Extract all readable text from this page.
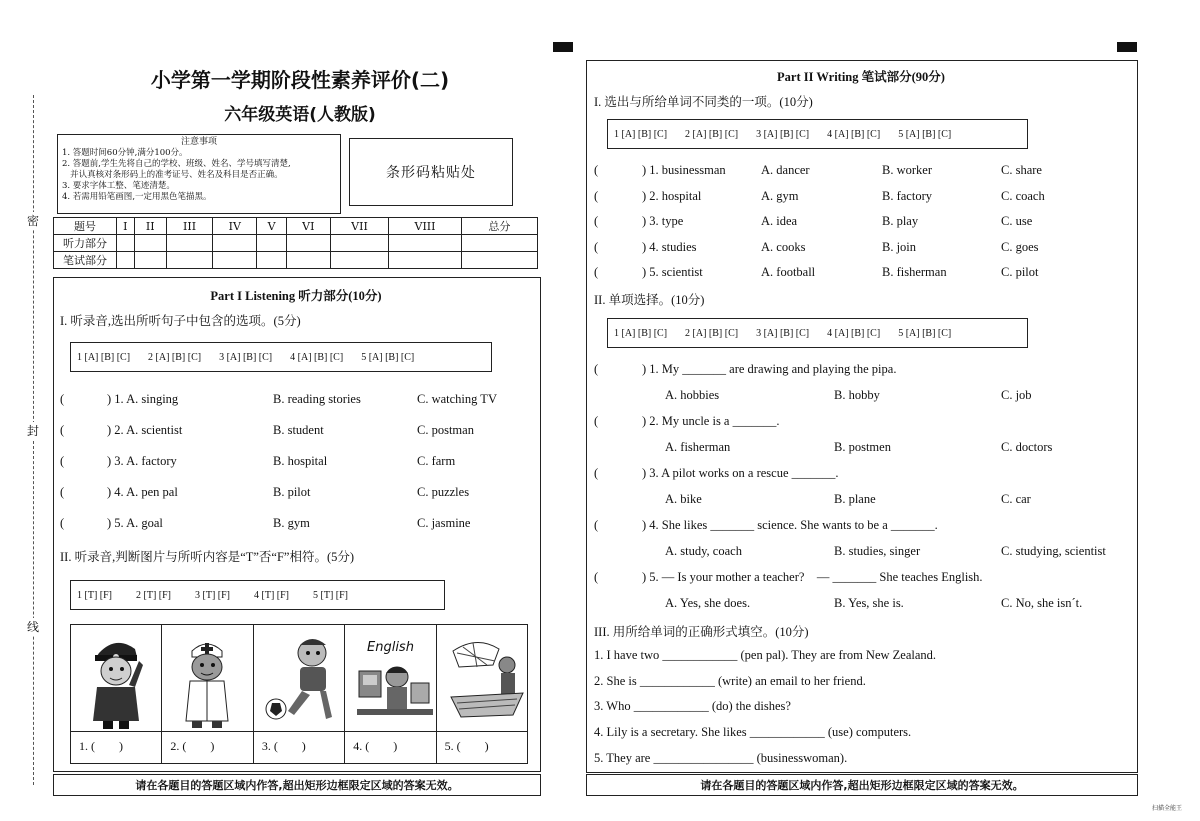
密
封
线
小学第一学期阶段性素养评价(二)
六年级英语(人教版)
注意事项
1. 答题时间60分钟,满分100分。
2. 答题前,学生先将自己的学校、班级、姓名、学号填写清楚,
并认真核对条形码上的准考证号、姓名及科目是否正确。
3. 要求字体工整、笔迹清楚。
4. 若需用铅笔画图,一定用黑色笔描黑。
条形码粘贴处
题号	I	II	III	IV	V	VI	VII	VIII	总分
听力部分									
笔试部分									
Part I Listening 听力部分(10分)
I. 听录音,选出所听句子中包含的选项。(5分)
1 [A] [B] [C] 2 [A] [B] [C] 3 [A] [B] [C] 4 [A] [B] [C] 5 [A] [B] [C]
(	) 1. A. singing	B. reading stories	C. watching TV
(	) 2. A. scientist	B. student	C. postman
(	) 3. A. factory	B. hospital	C. farm
(	) 4. A. pen pal	B. pilot	C. puzzles
(	) 5. A. goal	B. gym	C. jasmine
II. 听录音,判断图片与所听内容是“T”否“F”相符。(5分)
1 [T] [F] 2 [T] [F] 3 [T] [F] 4 [T] [F] 5 [T] [F]
1. (        )	2. (        )	3. (        )
English
4. (        )	5. (        )
请在各题目的答题区域内作答,超出矩形边框限定区域的答案无效。
Part II Writing 笔试部分(90分)
I. 选出与所给单词不同类的一项。(10分)
1 [A] [B] [C] 2 [A] [B] [C] 3 [A] [B] [C] 4 [A] [B] [C] 5 [A] [B] [C]
(	) 1. businessman	A. dancer	B. worker	C. share
(	) 2. hospital	A. gym	B. factory	C. coach
(	) 3. type	A. idea	B. play	C. use
(	) 4. studies	A. cooks	B. join	C. goes
(	) 5. scientist	A. football	B. fisherman	C. pilot
II. 单项选择。(10分)
1 [A] [B] [C] 2 [A] [B] [C] 3 [A] [B] [C] 4 [A] [B] [C] 5 [A] [B] [C]
(	) 1. My _______ are drawing and playing the pipa.
A. hobbies	B. hobby	C. job
(	) 2. My uncle is a _______.
A. fisherman	B. postmen	C. doctors
(	) 3. A pilot works on a rescue _______.
A. bike	B. plane	C. car
(	) 4. She likes _______ science. She wants to be a _______.
A. study, coach	B. studies, singer	C. studying, scientist
(	) 5. — Is your mother a teacher?    — _______ She teaches English.
A. Yes, she does.	B. Yes, she is.	C. No, she isn´t.
III. 用所给单词的正确形式填空。(10分)
1. I have two ____________ (pen pal). They are from New Zealand.
2. She is ____________ (write) an email to her friend.
3. Who ____________ (do) the dishes?
4. Lily is a secretary. She likes ____________ (use) computers.
5. They are ________________ (businesswoman).
请在各题目的答题区域内作答,超出矩形边框限定区域的答案无效。
扫描全能王
